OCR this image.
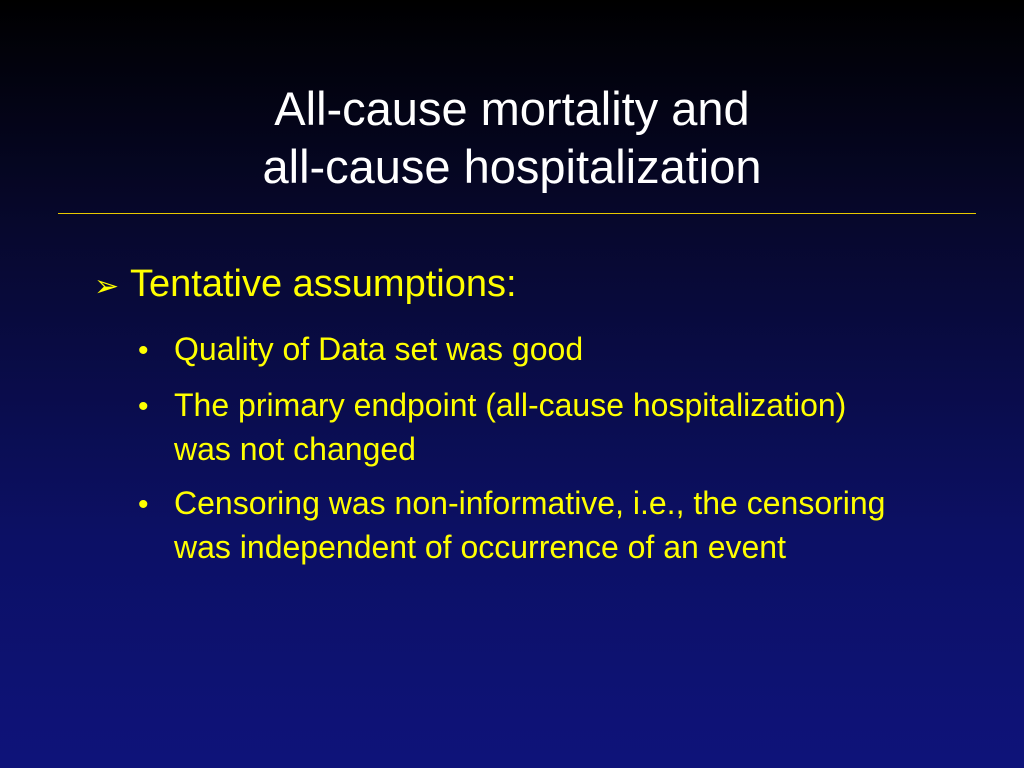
All-cause mortality and
all-cause hospitalization
➢ Tentative assumptions:
• Quality of Data set was good
• The primary endpoint (all-cause hospitalization) was not changed
• Censoring was non-informative, i.e., the censoring was independent of occurrence of an event
